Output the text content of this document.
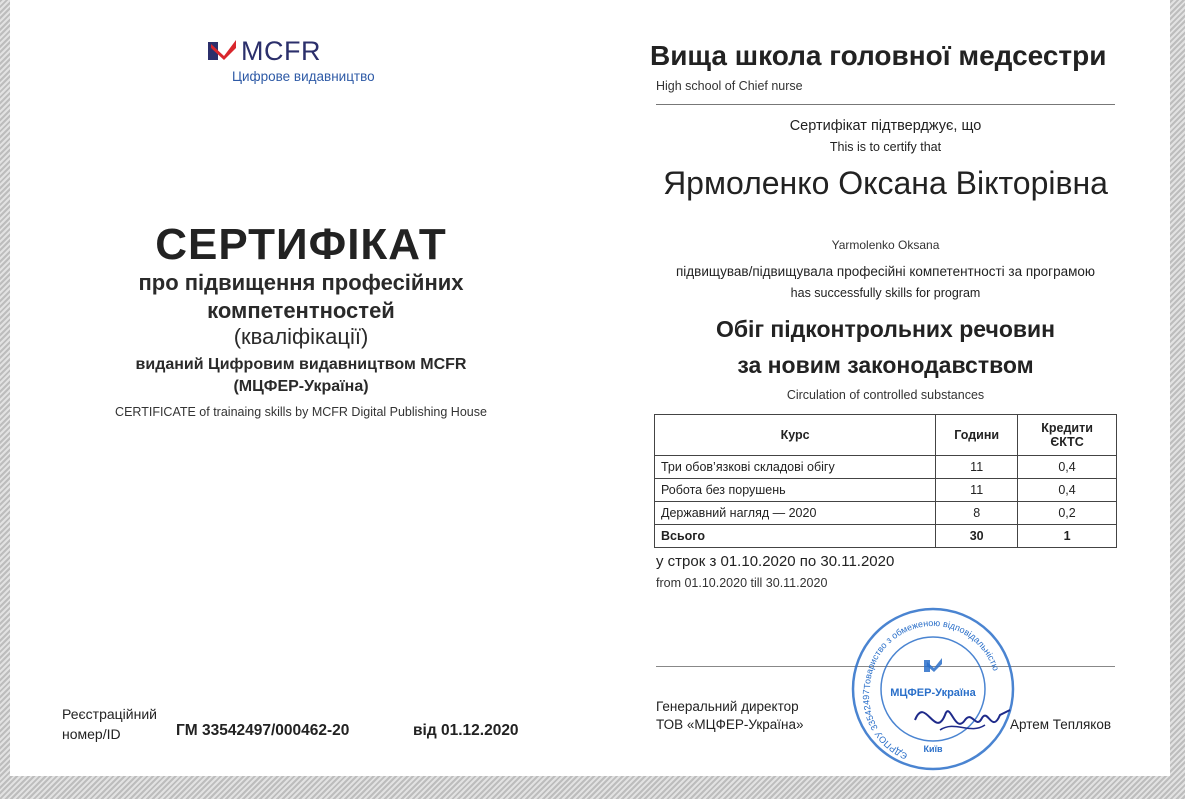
MCFR
Цифрове видавництво
СЕРТИФІКАТ
про підвищення професійних
компетентностей
(кваліфікації)
виданий Цифровим видавництвом MCFR
(МЦФЕР-Україна)
CERTIFICATE of trainaing skills by MCFR Digital Publishing House
Реєстраційний
номер/ID	ГМ 33542497/000462-20	від 01.12.2020
Вища школа головної медсестри
High school of Chief nurse
Сертифікат підтверджує, що
This is to certify that
Ярмоленко Оксана Вікторівна
Yarmolenko Oksana
підвищував/підвищувала професійні компетентності за програмою
has successfully skills for program
Обіг підконтрольних речовин
за новим законодавством
Circulation of controlled substances
Курс	Години	Кредити ЄКТС
Три обов’язкові складові обігу	11	0,4
Робота без порушень	11	0,4
Державний нагляд — 2020	8	0,2
Всього	30	1
у строк з 01.10.2020 по 30.11.2020
from 01.10.2020 till 30.11.2020
Генеральний директор
ТОВ «МЦФЕР-Україна»	Артем Тепляков
Товариство з обмеженою відповідальністю
ЄДРПОУ 33542497	МЦФЕР-Україна
Київ
